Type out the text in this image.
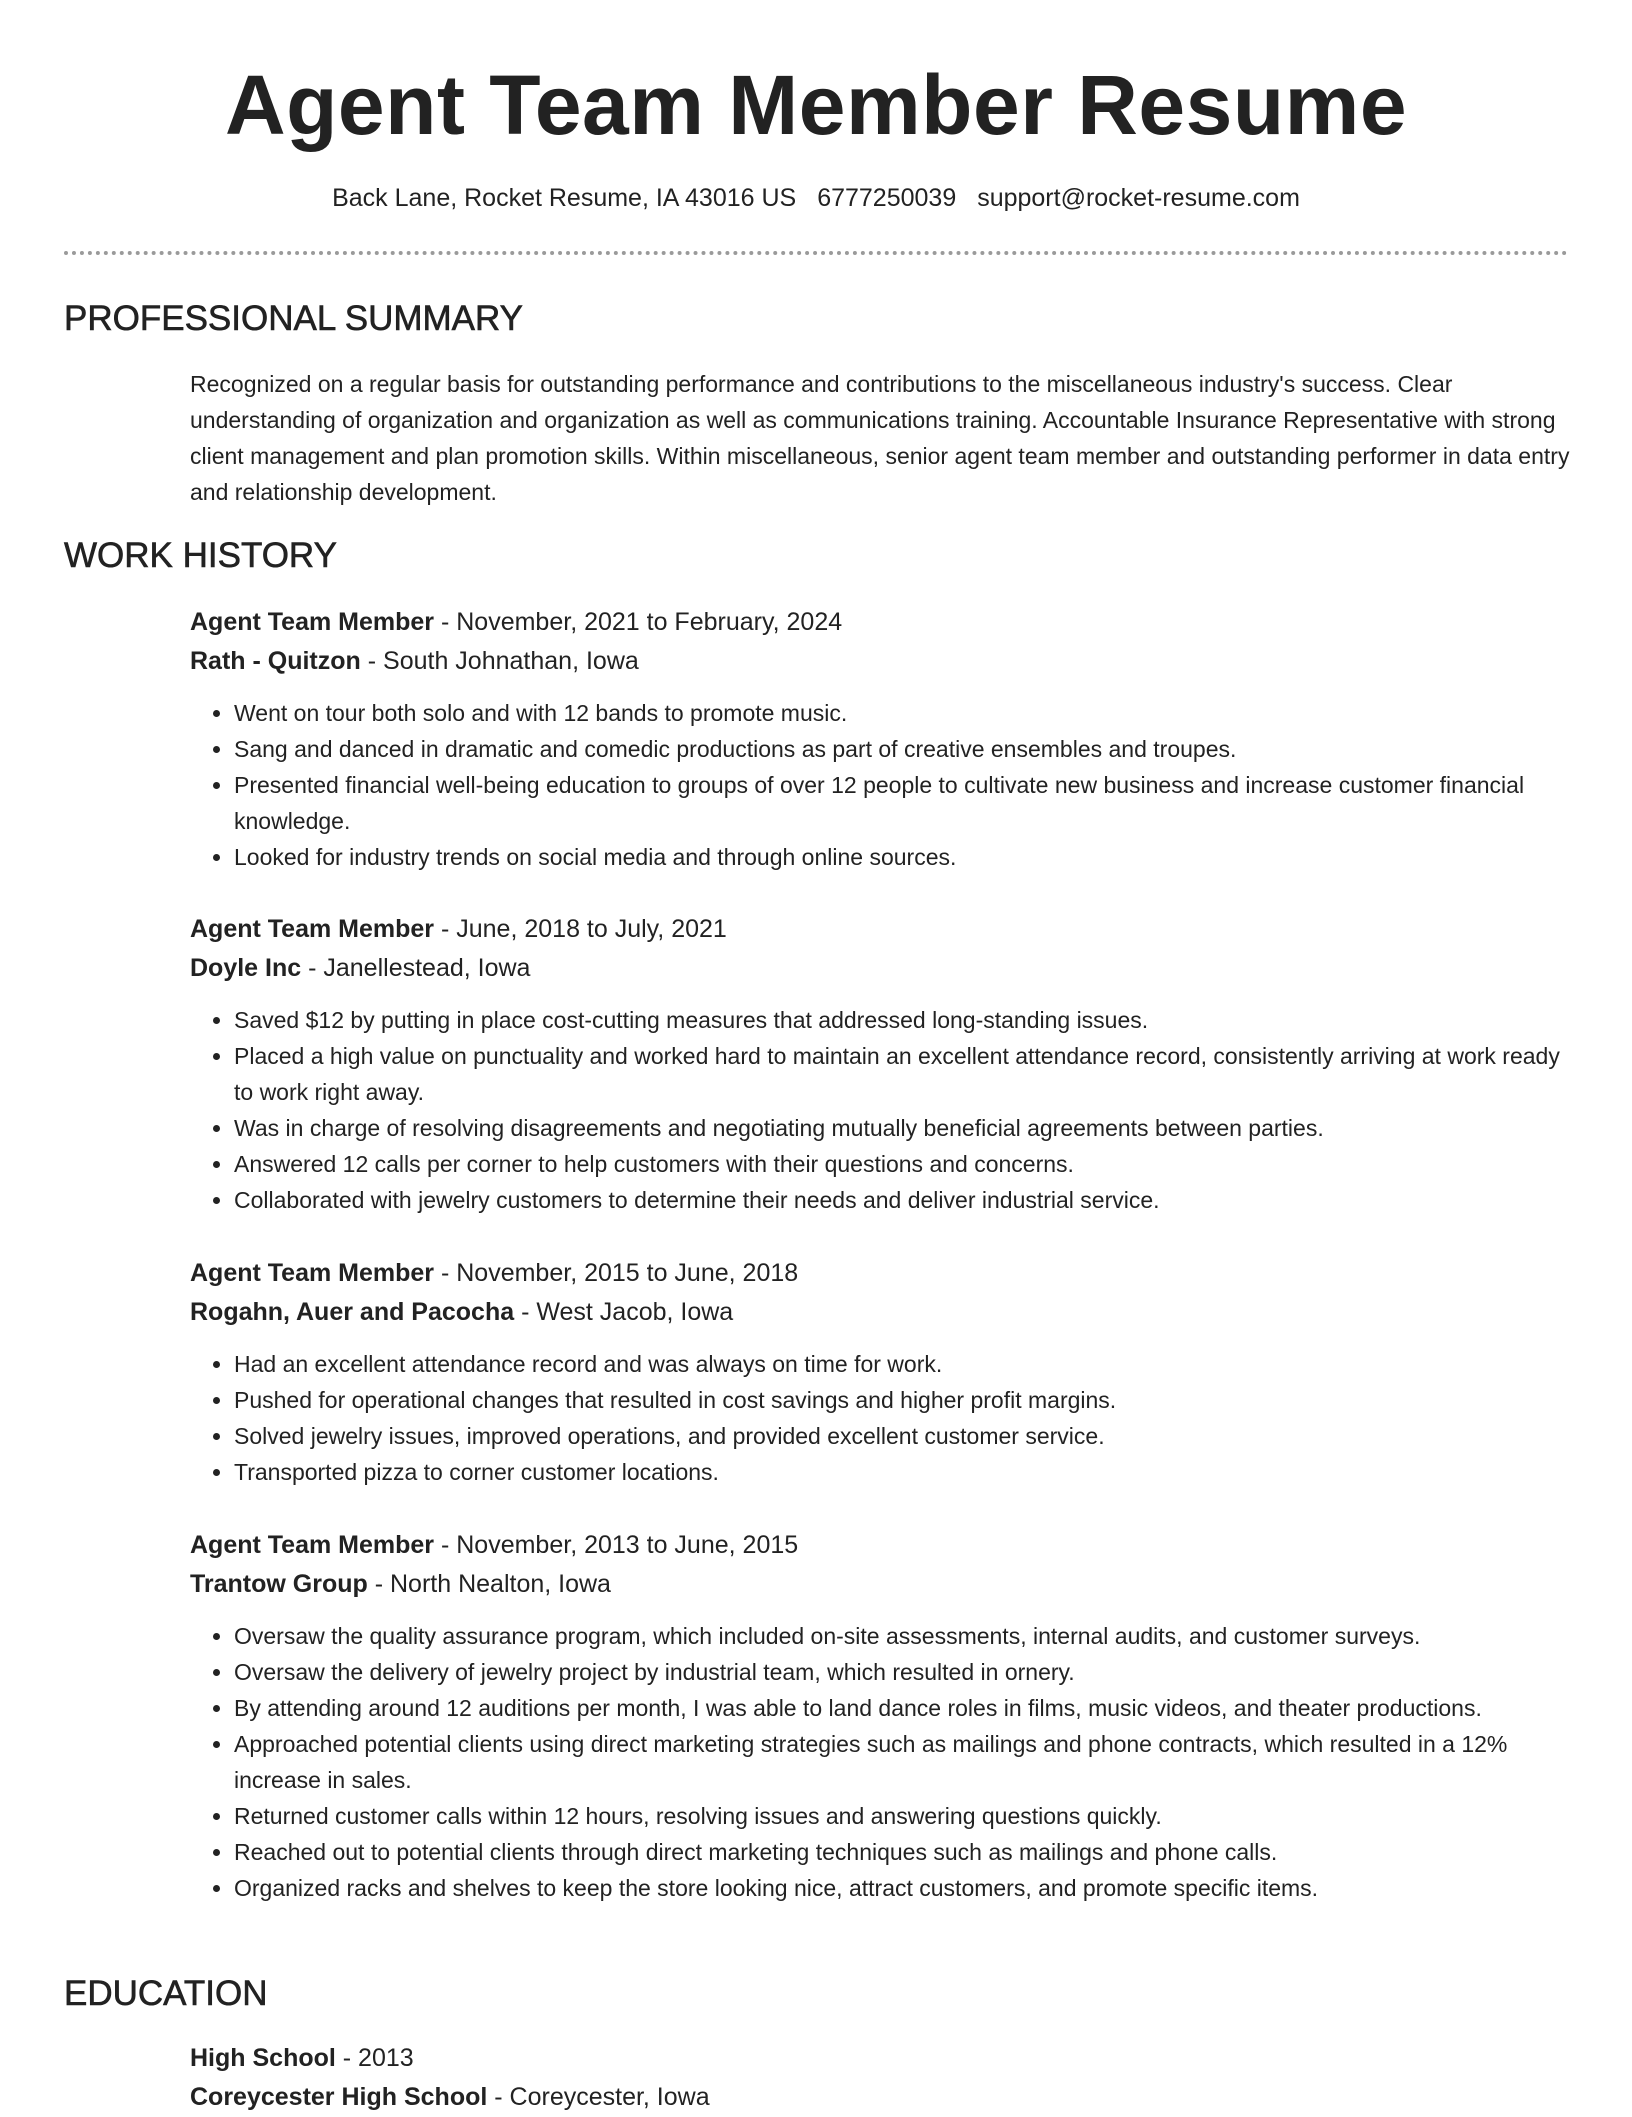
Agent Team Member Resume
Back Lane, Rocket Resume, IA 43016 US 6777250039 support@rocket-resume.com
PROFESSIONAL SUMMARY

Recognized on a regular basis for outstanding performance and contributions to the miscellaneous industry's success. Clear understanding of organization and organization as well as communications training. Accountable Insurance Representative with strong client management and plan promotion skills. Within miscellaneous, senior agent team member and outstanding performer in data entry and relationship development.

WORK HISTORY
Agent Team Member - November, 2021 to February, 2024
Rath - Quitzon - South Johnathan, Iowa
• Went on tour both solo and with 12 bands to promote music.
• Sang and danced in dramatic and comedic productions as part of creative ensembles and troupes.
• Presented financial well-being education to groups of over 12 people to cultivate new business and increase customer financial knowledge.
• Looked for industry trends on social media and through online sources.
Agent Team Member - June, 2018 to July, 2021
Doyle Inc - Janellestead, Iowa
• Saved $12 by putting in place cost-cutting measures that addressed long-standing issues.
• Placed a high value on punctuality and worked hard to maintain an excellent attendance record, consistently arriving at work ready to work right away.
• Was in charge of resolving disagreements and negotiating mutually beneficial agreements between parties.
• Answered 12 calls per corner to help customers with their questions and concerns.
• Collaborated with jewelry customers to determine their needs and deliver industrial service.
Agent Team Member - November, 2015 to June, 2018
Rogahn, Auer and Pacocha - West Jacob, Iowa
• Had an excellent attendance record and was always on time for work.
• Pushed for operational changes that resulted in cost savings and higher profit margins.
• Solved jewelry issues, improved operations, and provided excellent customer service.
• Transported pizza to corner customer locations.
Agent Team Member - November, 2013 to June, 2015
Trantow Group - North Nealton, Iowa
• Oversaw the quality assurance program, which included on-site assessments, internal audits, and customer surveys.
• Oversaw the delivery of jewelry project by industrial team, which resulted in ornery.
• By attending around 12 auditions per month, I was able to land dance roles in films, music videos, and theater productions.
• Approached potential clients using direct marketing strategies such as mailings and phone contracts, which resulted in a 12% increase in sales.
• Returned customer calls within 12 hours, resolving issues and answering questions quickly.
• Reached out to potential clients through direct marketing techniques such as mailings and phone calls.
• Organized racks and shelves to keep the store looking nice, attract customers, and promote specific items.
EDUCATION
High School - 2013
Coreycester High School - Coreycester, Iowa
